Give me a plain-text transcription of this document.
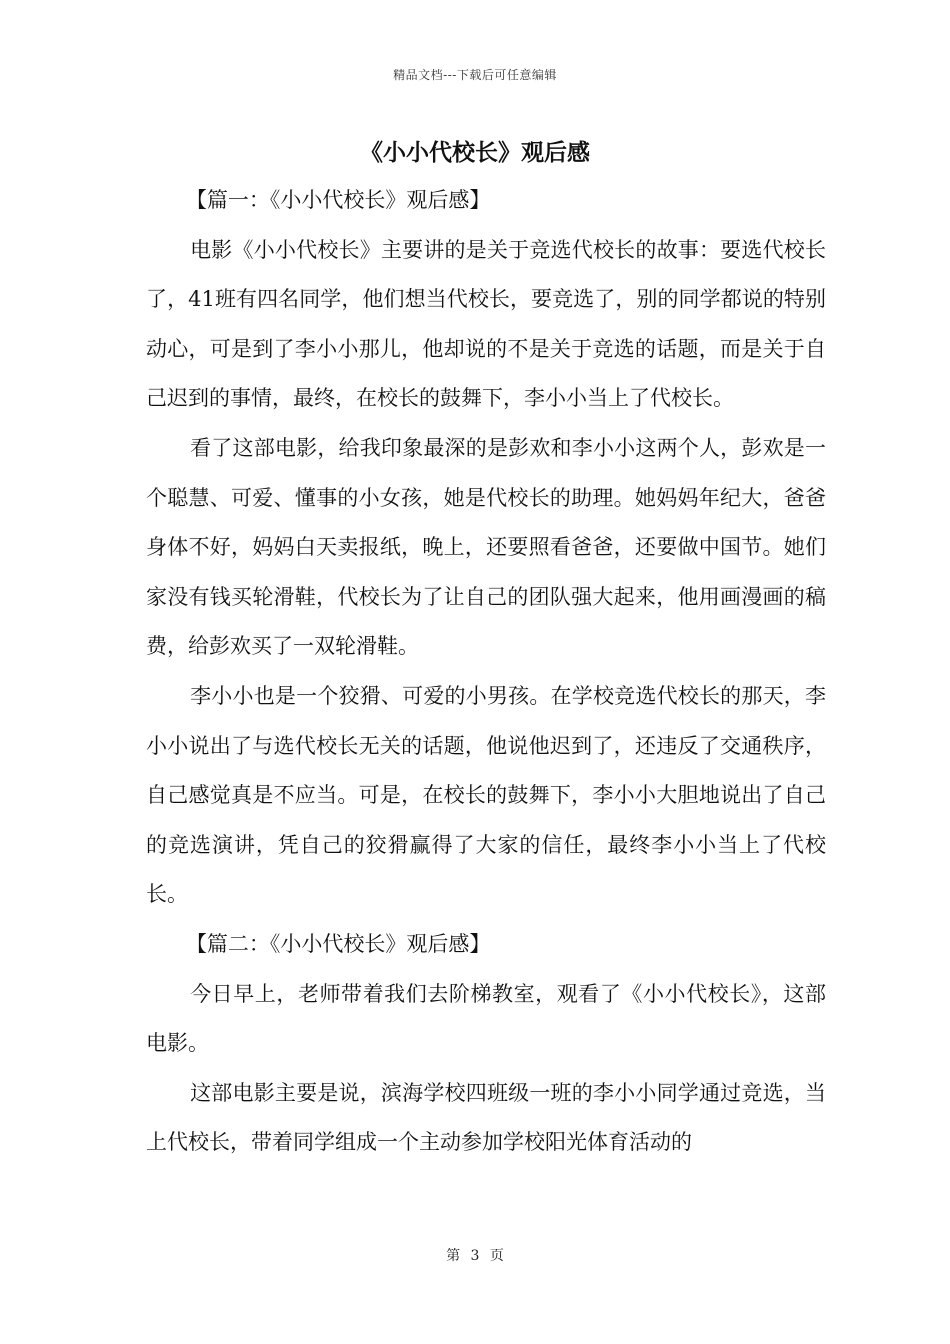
精品文档---下载后可任意编辑
《小小代校长》观后感

【篇一：《小小代校长》观后感】

电影《小小代校长》主要讲的是关于竞选代校长的故事：要选代校长了，41班有四名同学，他们想当代校长，要竞选了，别的同学都说的特别动心，可是到了李小小那儿，他却说的不是关于竞选的话题，而是关于自己迟到的事情，最终，在校长的鼓舞下，李小小当上了代校长。

看了这部电影，给我印象最深的是彭欢和李小小这两个人，彭欢是一个聪慧、可爱、懂事的小女孩，她是代校长的助理。她妈妈年纪大，爸爸身体不好，妈妈白天卖报纸，晚上，还要照看爸爸，还要做中国节。她们家没有钱买轮滑鞋，代校长为了让自己的团队强大起来，他用画漫画的稿费，给彭欢买了一双轮滑鞋。

李小小也是一个狡猾、可爱的小男孩。在学校竞选代校长的那天，李小小说出了与选代校长无关的话题，他说他迟到了，还违反了交通秩序，自己感觉真是不应当。可是，在校长的鼓舞下，李小小大胆地说出了自己的竞选演讲，凭自己的狡猾赢得了大家的信任，最终李小小当上了代校长。

【篇二：《小小代校长》观后感】

今日早上，老师带着我们去阶梯教室，观看了《小小代校长》，这部电影。

这部电影主要是说，滨海学校四班级一班的李小小同学通过竞选，当上代校长，带着同学组成一个主动参加学校阳光体育活动的

第 3 页
